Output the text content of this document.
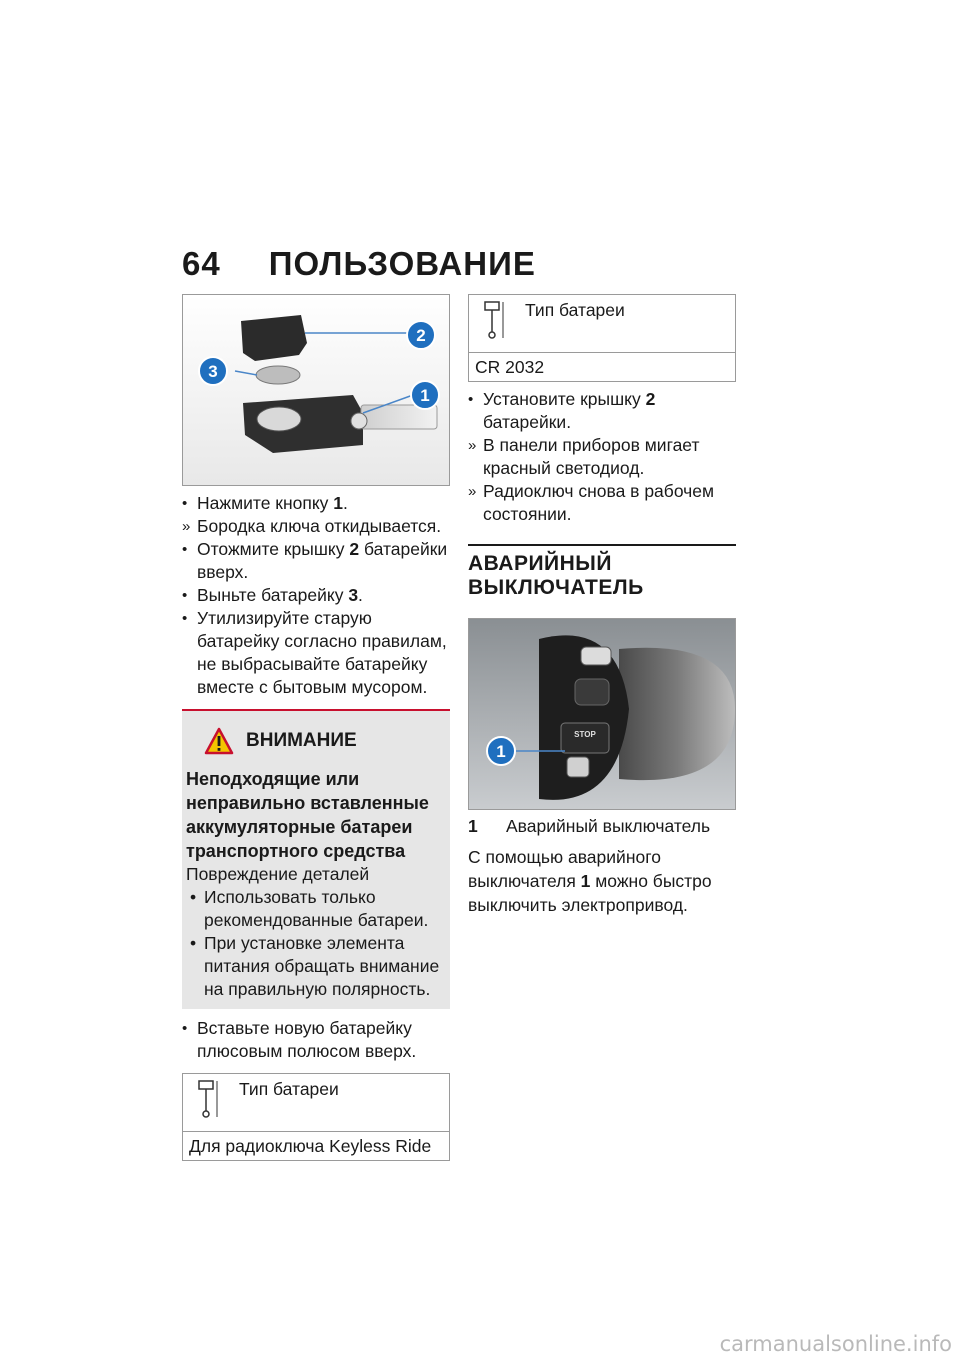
64 ПОЛЬЗОВАНИЕ
2
3
1
• Нажмите кнопку 1.
» Бородка ключа откидывается.
• Отожмите крышку 2 батарейки вверх.
• Выньте батарейку 3.
• Утилизируйте старую батарейку согласно правилам, не выбрасывайте батарейку вместе с бытовым мусором.
ВНИМАНИЕ
Неподходящие или неправильно вставленные аккумуляторные батареи транспортного средства
Повреждение деталей
• Использовать только рекомендованные батареи.
• При установке элемента питания обращать внимание на правильную полярность.
• Вставьте новую батарейку плюсовым полюсом вверх.
Тип батареи
Для радиоключа Keyless Ride
Тип батареи
CR 2032
• Установите крышку 2 батарейки.
» В панели приборов мигает красный светодиод.
» Радиоключ снова в рабочем состоянии.
АВАРИЙНЫЙ ВЫКЛЮЧАТЕЛЬ
STOP
1
1	Аварийный выключатель
С помощью аварийного выключателя 1 можно быстро выключить электропривод.
carmanualsonline.info
